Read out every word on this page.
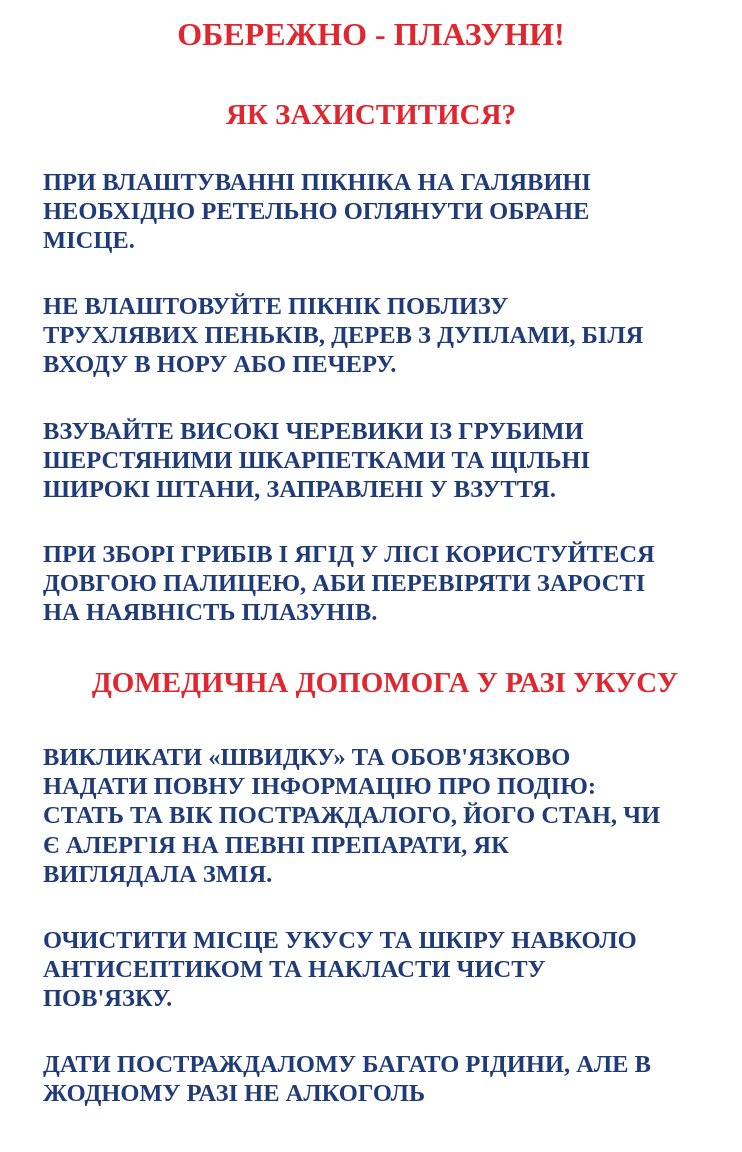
ОБЕРЕЖНО - ПЛАЗУНИ!
ЯК ЗАХИСТИТИСЯ?

ПРИ ВЛАШТУВАННІ ПІКНІКА НА ГАЛЯВИНІ
НЕОБХІДНО РЕТЕЛЬНО ОГЛЯНУТИ ОБРАНЕ
МІСЦЕ.

НЕ ВЛАШТОВУЙТЕ ПІКНІК ПОБЛИЗУ
ТРУХЛЯВИХ ПЕНЬКІВ, ДЕРЕВ З ДУПЛАМИ, БІЛЯ
ВХОДУ В НОРУ АБО ПЕЧЕРУ.

ВЗУВАЙТЕ ВИСОКІ ЧЕРЕВИКИ ІЗ ГРУБИМИ
ШЕРСТЯНИМИ ШКАРПЕТКАМИ ТА ЩІЛЬНІ
ШИРОКІ ШТАНИ, ЗАПРАВЛЕНІ У ВЗУТТЯ.

ПРИ ЗБОРІ ГРИБІВ І ЯГІД У ЛІСІ КОРИСТУЙТЕСЯ
ДОВГОЮ ПАЛИЦЕЮ, АБИ ПЕРЕВІРЯТИ ЗАРОСТІ
НА НАЯВНІСТЬ ПЛАЗУНІВ.

ДОМЕДИЧНА ДОПОМОГА У РАЗІ УКУСУ

ВИКЛИКАТИ «ШВИДКУ» ТА ОБОВ'ЯЗКОВО
НАДАТИ ПОВНУ ІНФОРМАЦІЮ ПРО ПОДІЮ:
СТАТЬ ТА ВІК ПОСТРАЖДАЛОГО, ЙОГО СТАН, ЧИ
Є АЛЕРГІЯ НА ПЕВНІ ПРЕПАРАТИ, ЯК
ВИГЛЯДАЛА ЗМІЯ.

ОЧИСТИТИ МІСЦЕ УКУСУ ТА ШКІРУ НАВКОЛО
АНТИСЕПТИКОМ ТА НАКЛАСТИ ЧИСТУ
ПОВ'ЯЗКУ.

ДАТИ ПОСТРАЖДАЛОМУ БАГАТО РІДИНИ, АЛЕ В
ЖОДНОМУ РАЗІ НЕ АЛКОГОЛЬ
